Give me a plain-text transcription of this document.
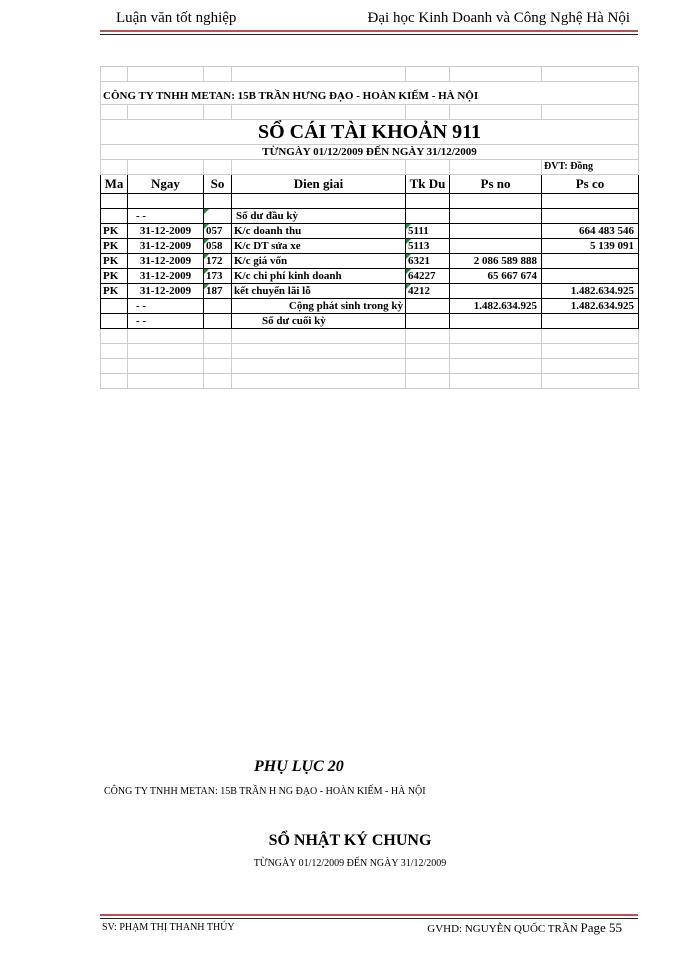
Luận văn tốt nghiệp	Đại học Kinh Doanh và Công Nghệ Hà Nội

CÔNG TY TNHH METAN: 15B TRẦN HƯNG ĐẠO - HOÀN KIẾM - HÀ NỘI						

SỔ CÁI TÀI KHOẢN 911						
TỪNGÀY 01/12/2009 ĐẾN NGÀY 31/12/2009						
						ĐVT: Đồng
Ma	Ngay	So	Dien giai	Tk Du	Ps no	Ps co

	- -		Số dư đầu kỳ			
PK	31-12-2009	057	K/c doanh thu	5111		664 483 546
PK	31-12-2009	058	K/c DT sửa xe	5113		5 139 091
PK	31-12-2009	172	K/c giá vốn	6321	2 086 589 888	
PK	31-12-2009	173	K/c chi phí kinh doanh	64227	65 667 674	
PK	31-12-2009	187	kết chuyển lãi lỗ	4212		1.482.634.925
	- -		Cộng phát sinh trong kỳ		1.482.634.925	1.482.634.925
	- -		Số dư cuối kỳ			

PHỤ LỤC 20
CÔNG TY TNHH METAN: 15B TRẦN H NG ĐẠO - HOÀN KIẾM - HÀ NỘI
SỔ NHẬT KÝ CHUNG
TỪNGÀY 01/12/2009 ĐẾN NGÀY 31/12/2009
SV: PHẠM THỊ THANH THÚY	GVHD: NGUYỄN QUỐC TRẦN Page 55
